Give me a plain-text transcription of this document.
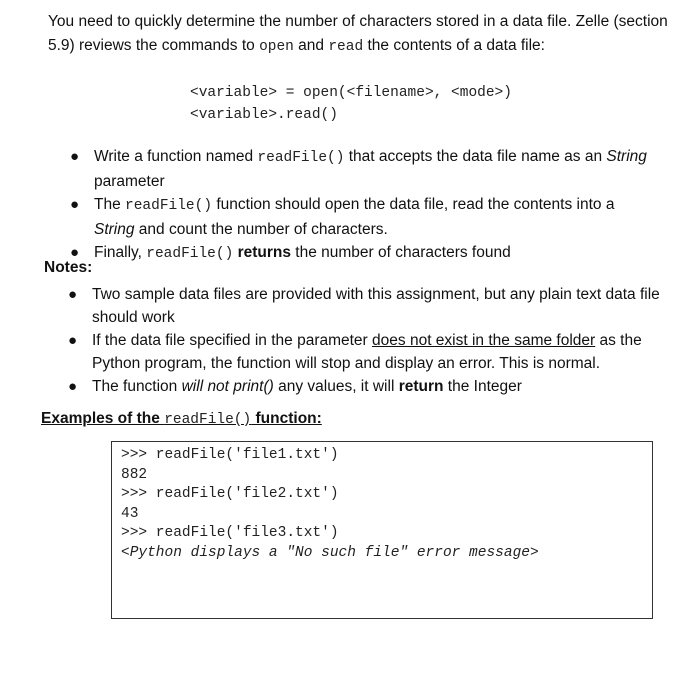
You need to quickly determine the number of characters stored in a data file. Zelle (section 5.9) reviews the commands to open and read the contents of a data file:

<variable> = open(<filename>, <mode>)
<variable>.read()
● Write a function named readFile() that accepts the data file name as an String parameter
● The readFile() function should open the data file, read the contents into a String and count the number of characters.
● Finally, readFile() returns the number of characters found

Notes:

● Two sample data files are provided with this assignment, but any plain text data file should work
● If the data file specified in the parameter does not exist in the same folder as the Python program, the function will stop and display an error. This is normal.
● The function will not print() any values, it will return the Integer

Examples of the readFile() function:

>>> readFile('file1.txt')
882
>>> readFile('file2.txt')
43
>>> readFile('file3.txt')
<Python displays a "No such file" error message>
